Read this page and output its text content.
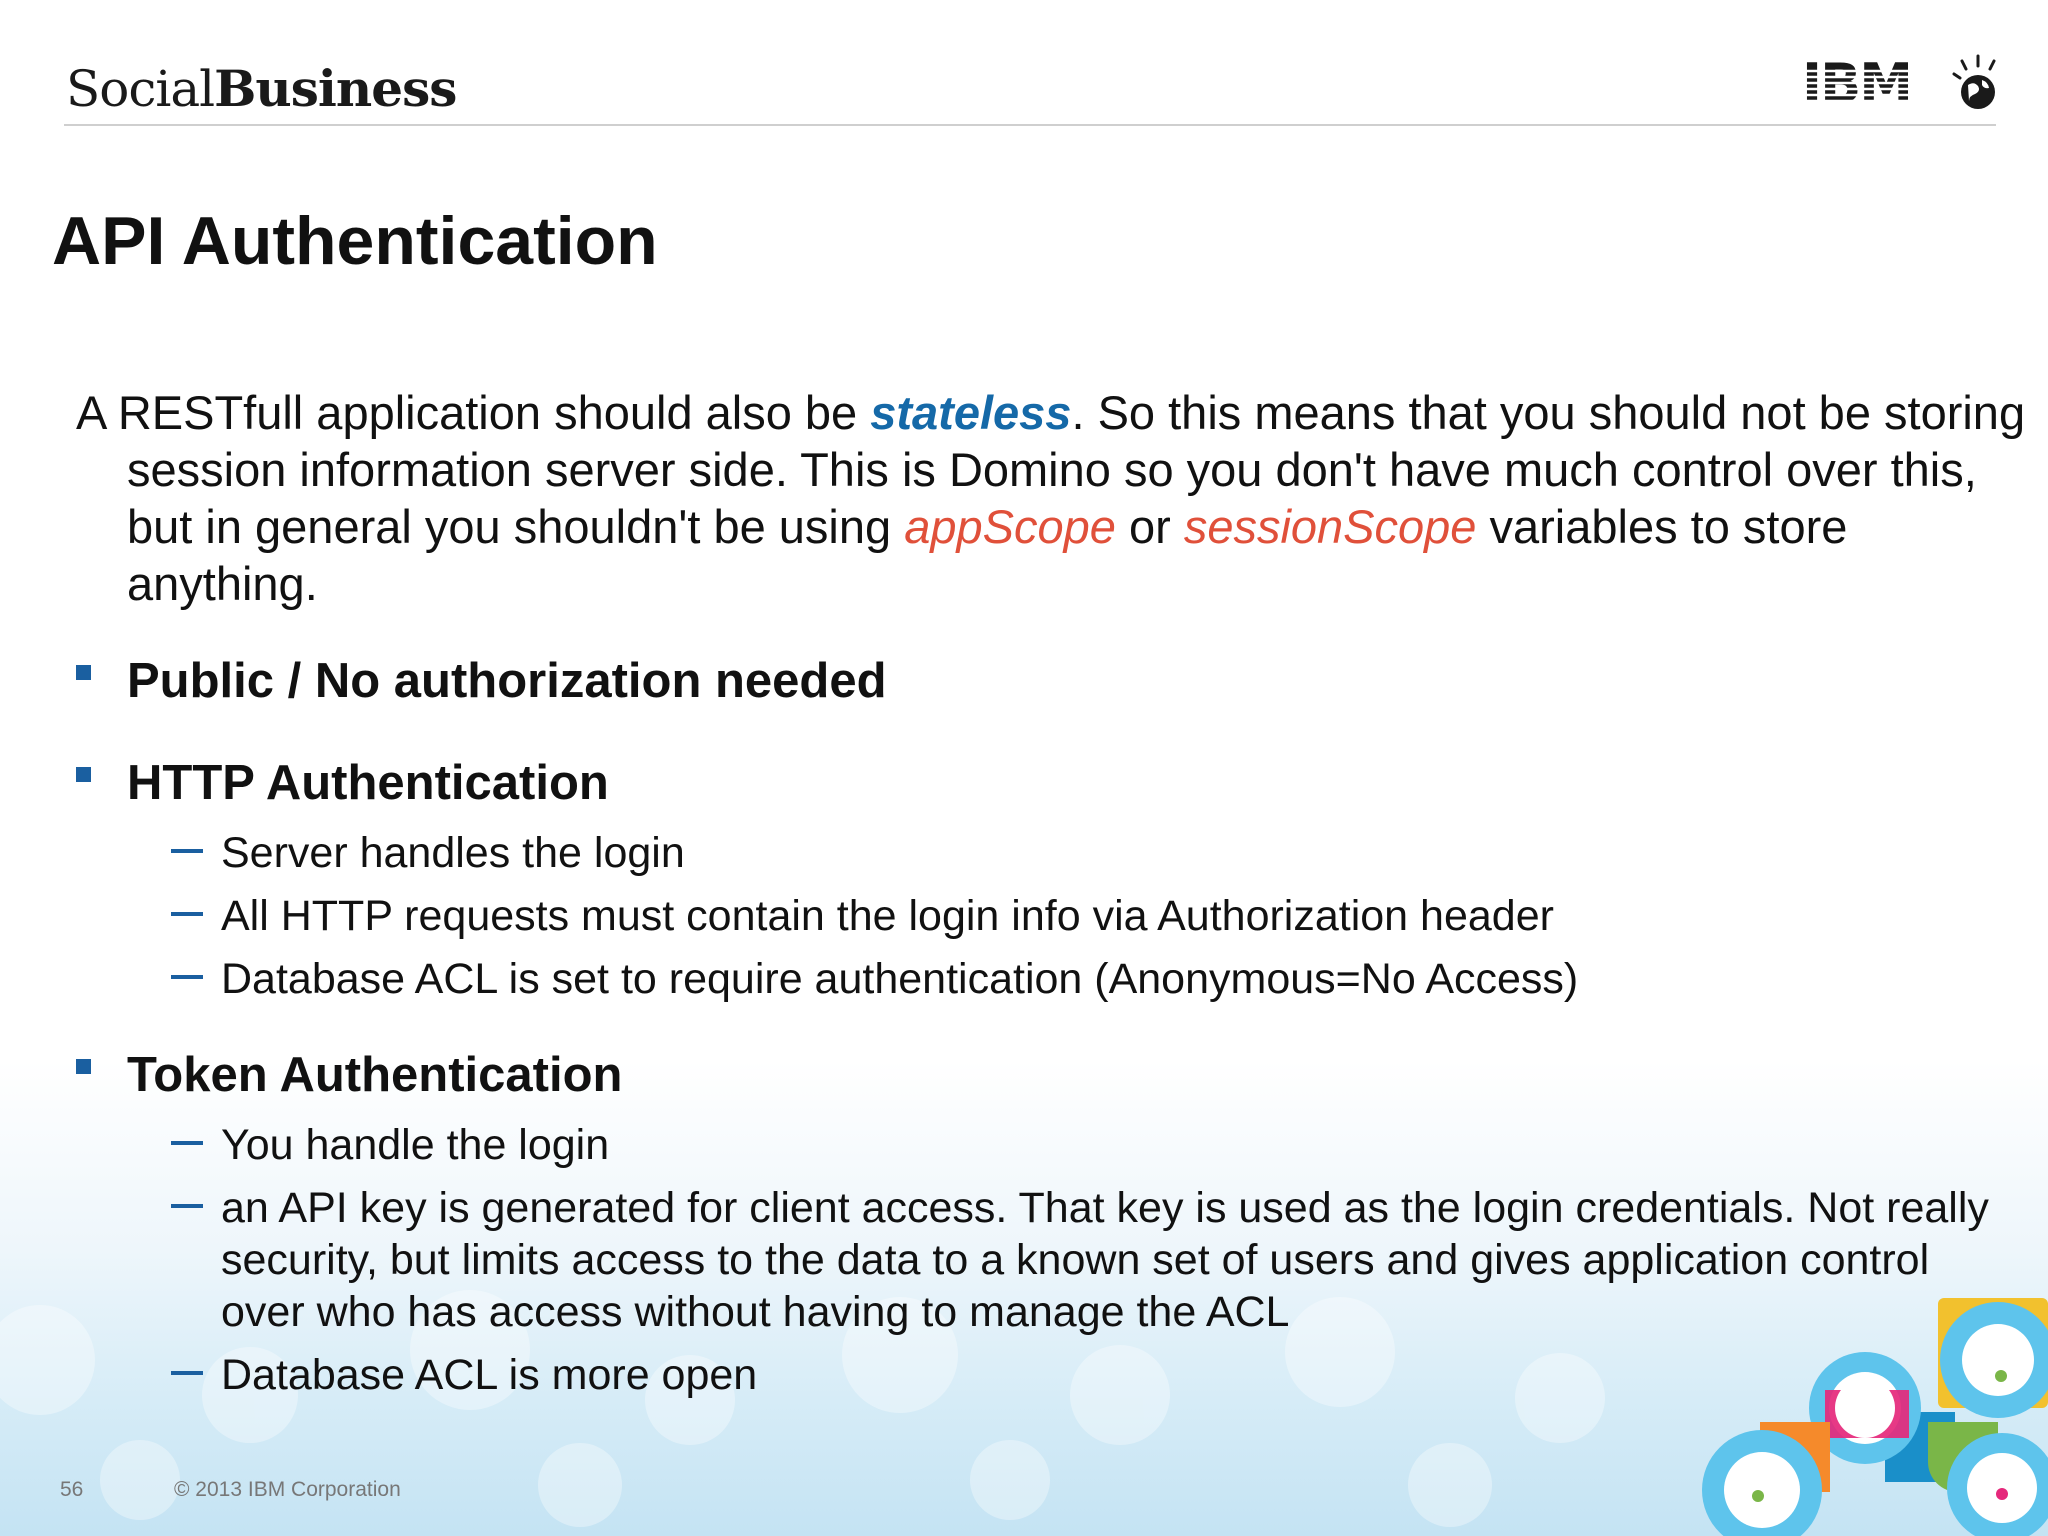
SocialBusiness	IBM
API Authentication
A RESTfull application should also be stateless. So this means that you should not be storing session information server side. This is Domino so you don't have much control over this, but in general you shouldn't be using appScope or sessionScope variables to store anything.
Public / No authorization needed
HTTP Authentication
Server handles the login
All HTTP requests must contain the login info via Authorization header
Database ACL is set to require authentication (Anonymous=No Access)
Token Authentication
You handle the login
an API key is generated for client access. That key is used as the login credentials. Not really security, but limits access to the data to a known set of users and gives application control over who has access without having to manage the ACL
Database ACL is more open
56	© 2013 IBM Corporation
